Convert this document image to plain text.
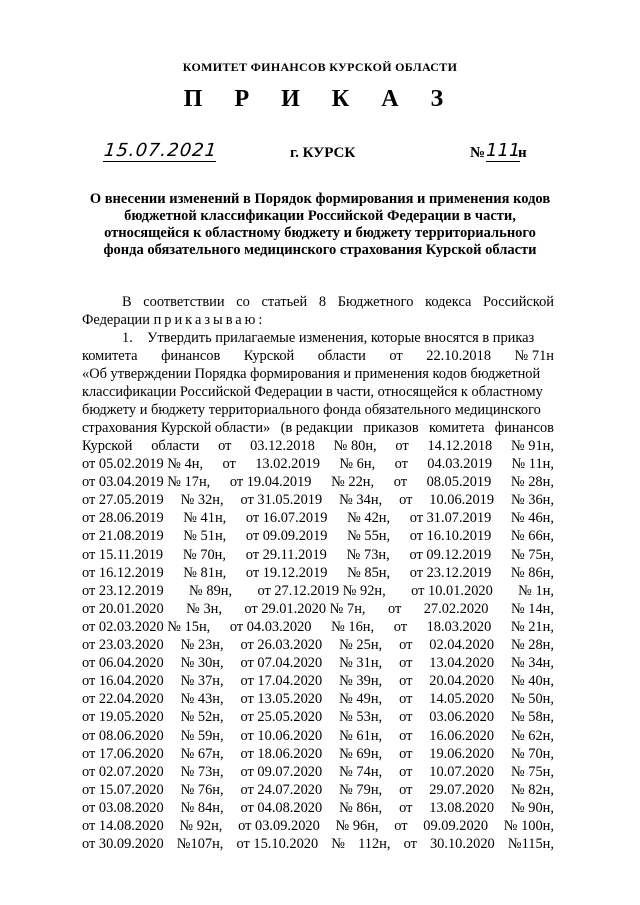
КОМИТЕТ ФИНАНСОВ КУРСКОЙ ОБЛАСТИ
П Р И К А З
15.07.2021	г. КУРСК	№ 111
н
О внесении изменений в Порядок формирования и применения кодов
бюджетной классификации Российской Федерации в части,
относящейся к областному бюджету и бюджету территориального
фонда обязательного медицинского страхования Курской области
В соответствии со статьей 8 Бюджетного кодекса Российской
Федерации
приказываю:
1.    Утвердить прилагаемые изменения, которые вносятся в приказ
комитета финансов Курской области от 22.10.2018 № 71н
«Об утверждении Порядка формирования и применения кодов бюджетной
классификации Российской Федерации в части, относящейся к областному
бюджету и бюджету территориального фонда обязательного медицинского
страхования Курской области» (в редакции приказов комитета финансов
Курской области от 03.12.2018 № 80н, от 14.12.2018 № 91н,
от 05.02.2019 № 4н, от 13.02.2019 № 6н, от 04.03.2019 № 11н,
от 03.04.2019 № 17н, от 19.04.2019 № 22н, от 08.05.2019 № 28н,
от 27.05.2019 № 32н, от 31.05.2019 № 34н, от 10.06.2019 № 36н,
от 28.06.2019 № 41н, от 16.07.2019 № 42н, от 31.07.2019 № 46н,
от 21.08.2019 № 51н, от 09.09.2019 № 55н, от 16.10.2019 № 66н,
от 15.11.2019 № 70н, от 29.11.2019 № 73н, от 09.12.2019 № 75н,
от 16.12.2019 № 81н, от 19.12.2019 № 85н, от 23.12.2019 № 86н,
от 23.12.2019 № 89н, от 27.12.2019 № 92н, от 10.01.2020 № 1н,
от 20.01.2020 № 3н, от 29.01.2020 № 7н, от 27.02.2020 № 14н,
от 02.03.2020 № 15н, от 04.03.2020 № 16н, от 18.03.2020 № 21н,
от 23.03.2020 № 23н, от 26.03.2020 № 25н, от 02.04.2020 № 28н,
от 06.04.2020 № 30н, от 07.04.2020 № 31н, от 13.04.2020 № 34н,
от 16.04.2020 № 37н, от 17.04.2020 № 39н, от 20.04.2020 № 40н,
от 22.04.2020 № 43н, от 13.05.2020 № 49н, от 14.05.2020 № 50н,
от 19.05.2020 № 52н, от 25.05.2020 № 53н, от 03.06.2020 № 58н,
от 08.06.2020 № 59н, от 10.06.2020 № 61н, от 16.06.2020 № 62н,
от 17.06.2020 № 67н, от 18.06.2020 № 69н, от 19.06.2020 № 70н,
от 02.07.2020 № 73н, от 09.07.2020 № 74н, от 10.07.2020 № 75н,
от 15.07.2020 № 76н, от 24.07.2020 № 79н, от 29.07.2020 № 82н,
от 03.08.2020 № 84н, от 04.08.2020 № 86н, от 13.08.2020 № 90н,
от 14.08.2020 № 92н, от 03.09.2020 № 96н, от 09.09.2020 № 100н,
от 30.09.2020 №107н, от 15.10.2020 № 112н, от 30.10.2020 №115н,
